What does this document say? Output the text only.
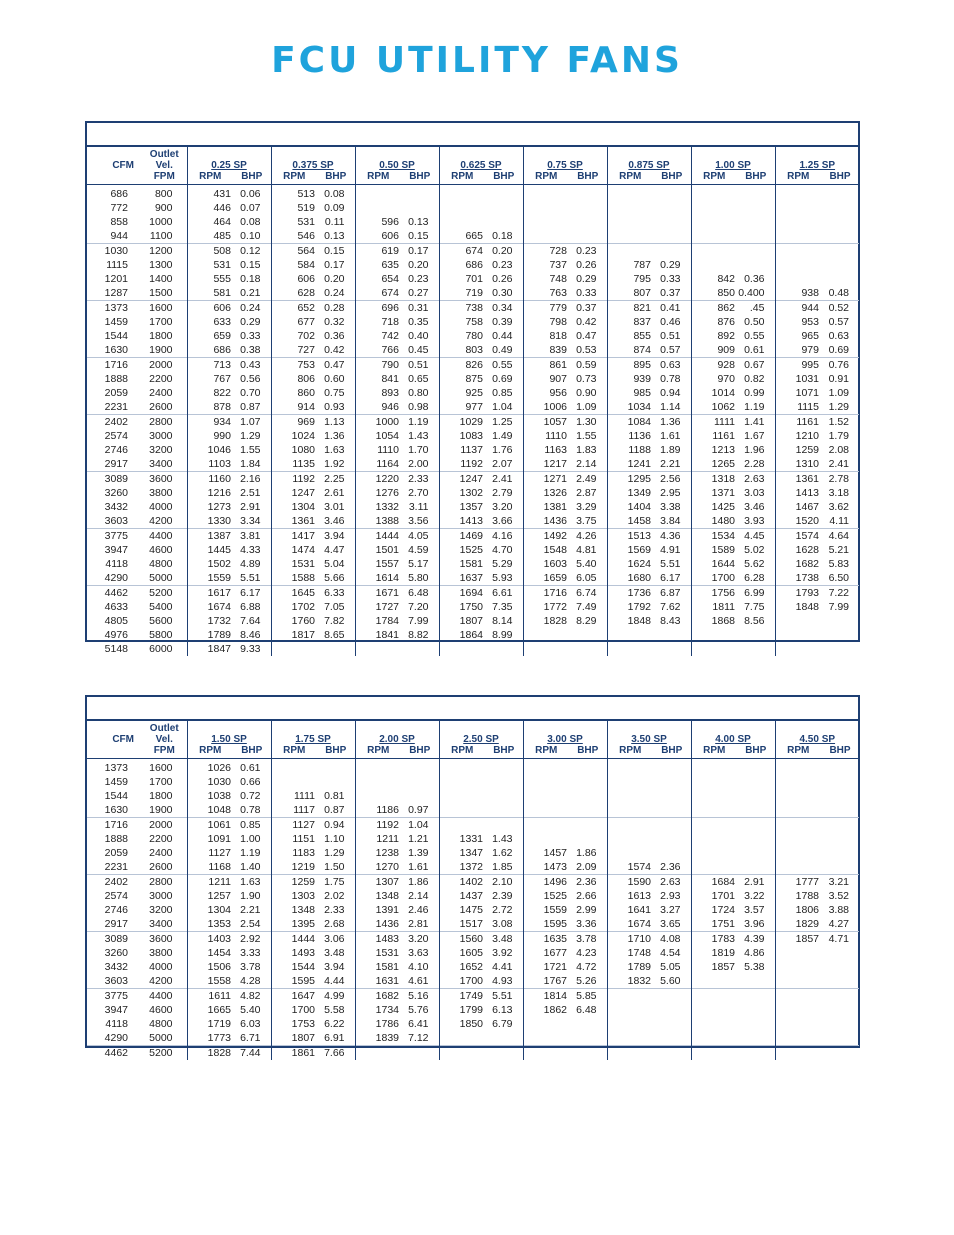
FCU UTILITY FANS
CFM	Outlet Vel.	0.25 SP		0.375 SP		0.50 SP		0.625 SP		0.75 SP		0.875 SP		1.00 SP		1.25 SP	
	FPM	RPM	BHP	RPM	BHP	RPM	BHP	RPM	BHP	RPM	BHP	RPM	BHP	RPM	BHP	RPM	BHP
686	800	431	0.06	513	0.08												
772	900	446	0.07	519	0.09												
858	1000	464	0.08	531	0.11	596	0.13										
944	1100	485	0.10	546	0.13	606	0.15	665	0.18								
1030	1200	508	0.12	564	0.15	619	0.17	674	0.20	728	0.23						
1115	1300	531	0.15	584	0.17	635	0.20	686	0.23	737	0.26	787	0.29				
1201	1400	555	0.18	606	0.20	654	0.23	701	0.26	748	0.29	795	0.33	842	0.36		
1287	1500	581	0.21	628	0.24	674	0.27	719	0.30	763	0.33	807	0.37	850	0.400	938	0.48
1373	1600	606	0.24	652	0.28	696	0.31	738	0.34	779	0.37	821	0.41	862	.45	944	0.52
1459	1700	633	0.29	677	0.32	718	0.35	758	0.39	798	0.42	837	0.46	876	0.50	953	0.57
1544	1800	659	0.33	702	0.36	742	0.40	780	0.44	818	0.47	855	0.51	892	0.55	965	0.63
1630	1900	686	0.38	727	0.42	766	0.45	803	0.49	839	0.53	874	0.57	909	0.61	979	0.69
1716	2000	713	0.43	753	0.47	790	0.51	826	0.55	861	0.59	895	0.63	928	0.67	995	0.76
1888	2200	767	0.56	806	0.60	841	0.65	875	0.69	907	0.73	939	0.78	970	0.82	1031	0.91
2059	2400	822	0.70	860	0.75	893	0.80	925	0.85	956	0.90	985	0.94	1014	0.99	1071	1.09
2231	2600	878	0.87	914	0.93	946	0.98	977	1.04	1006	1.09	1034	1.14	1062	1.19	1115	1.29
2402	2800	934	1.07	969	1.13	1000	1.19	1029	1.25	1057	1.30	1084	1.36	1111	1.41	1161	1.52
2574	3000	990	1.29	1024	1.36	1054	1.43	1083	1.49	1110	1.55	1136	1.61	1161	1.67	1210	1.79
2746	3200	1046	1.55	1080	1.63	1110	1.70	1137	1.76	1163	1.83	1188	1.89	1213	1.96	1259	2.08
2917	3400	1103	1.84	1135	1.92	1164	2.00	1192	2.07	1217	2.14	1241	2.21	1265	2.28	1310	2.41
3089	3600	1160	2.16	1192	2.25	1220	2.33	1247	2.41	1271	2.49	1295	2.56	1318	2.63	1361	2.78
3260	3800	1216	2.51	1247	2.61	1276	2.70	1302	2.79	1326	2.87	1349	2.95	1371	3.03	1413	3.18
3432	4000	1273	2.91	1304	3.01	1332	3.11	1357	3.20	1381	3.29	1404	3.38	1425	3.46	1467	3.62
3603	4200	1330	3.34	1361	3.46	1388	3.56	1413	3.66	1436	3.75	1458	3.84	1480	3.93	1520	4.11
3775	4400	1387	3.81	1417	3.94	1444	4.05	1469	4.16	1492	4.26	1513	4.36	1534	4.45	1574	4.64
3947	4600	1445	4.33	1474	4.47	1501	4.59	1525	4.70	1548	4.81	1569	4.91	1589	5.02	1628	5.21
4118	4800	1502	4.89	1531	5.04	1557	5.17	1581	5.29	1603	5.40	1624	5.51	1644	5.62	1682	5.83
4290	5000	1559	5.51	1588	5.66	1614	5.80	1637	5.93	1659	6.05	1680	6.17	1700	6.28	1738	6.50
4462	5200	1617	6.17	1645	6.33	1671	6.48	1694	6.61	1716	6.74	1736	6.87	1756	6.99	1793	7.22
4633	5400	1674	6.88	1702	7.05	1727	7.20	1750	7.35	1772	7.49	1792	7.62	1811	7.75	1848	7.99
4805	5600	1732	7.64	1760	7.82	1784	7.99	1807	8.14	1828	8.29	1848	8.43	1868	8.56		
4976	5800	1789	8.46	1817	8.65	1841	8.82	1864	8.99								
5148	6000	1847	9.33														
CFM	Outlet Vel.	1.50 SP		1.75 SP		2.00 SP		2.50 SP		3.00 SP		3.50 SP		4.00 SP		4.50 SP	
	FPM	RPM	BHP	RPM	BHP	RPM	BHP	RPM	BHP	RPM	BHP	RPM	BHP	RPM	BHP	RPM	BHP
1373	1600	1026	0.61														
1459	1700	1030	0.66														
1544	1800	1038	0.72	1111	0.81												
1630	1900	1048	0.78	1117	0.87	1186	0.97										
1716	2000	1061	0.85	1127	0.94	1192	1.04										
1888	2200	1091	1.00	1151	1.10	1211	1.21	1331	1.43								
2059	2400	1127	1.19	1183	1.29	1238	1.39	1347	1.62	1457	1.86						
2231	2600	1168	1.40	1219	1.50	1270	1.61	1372	1.85	1473	2.09	1574	2.36				
2402	2800	1211	1.63	1259	1.75	1307	1.86	1402	2.10	1496	2.36	1590	2.63	1684	2.91	1777	3.21
2574	3000	1257	1.90	1303	2.02	1348	2.14	1437	2.39	1525	2.66	1613	2.93	1701	3.22	1788	3.52
2746	3200	1304	2.21	1348	2.33	1391	2.46	1475	2.72	1559	2.99	1641	3.27	1724	3.57	1806	3.88
2917	3400	1353	2.54	1395	2.68	1436	2.81	1517	3.08	1595	3.36	1674	3.65	1751	3.96	1829	4.27
3089	3600	1403	2.92	1444	3.06	1483	3.20	1560	3.48	1635	3.78	1710	4.08	1783	4.39	1857	4.71
3260	3800	1454	3.33	1493	3.48	1531	3.63	1605	3.92	1677	4.23	1748	4.54	1819	4.86		
3432	4000	1506	3.78	1544	3.94	1581	4.10	1652	4.41	1721	4.72	1789	5.05	1857	5.38		
3603	4200	1558	4.28	1595	4.44	1631	4.61	1700	4.93	1767	5.26	1832	5.60				
3775	4400	1611	4.82	1647	4.99	1682	5.16	1749	5.51	1814	5.85						
3947	4600	1665	5.40	1700	5.58	1734	5.76	1799	6.13	1862	6.48						
4118	4800	1719	6.03	1753	6.22	1786	6.41	1850	6.79								
4290	5000	1773	6.71	1807	6.91	1839	7.12										
4462	5200	1828	7.44	1861	7.66												
